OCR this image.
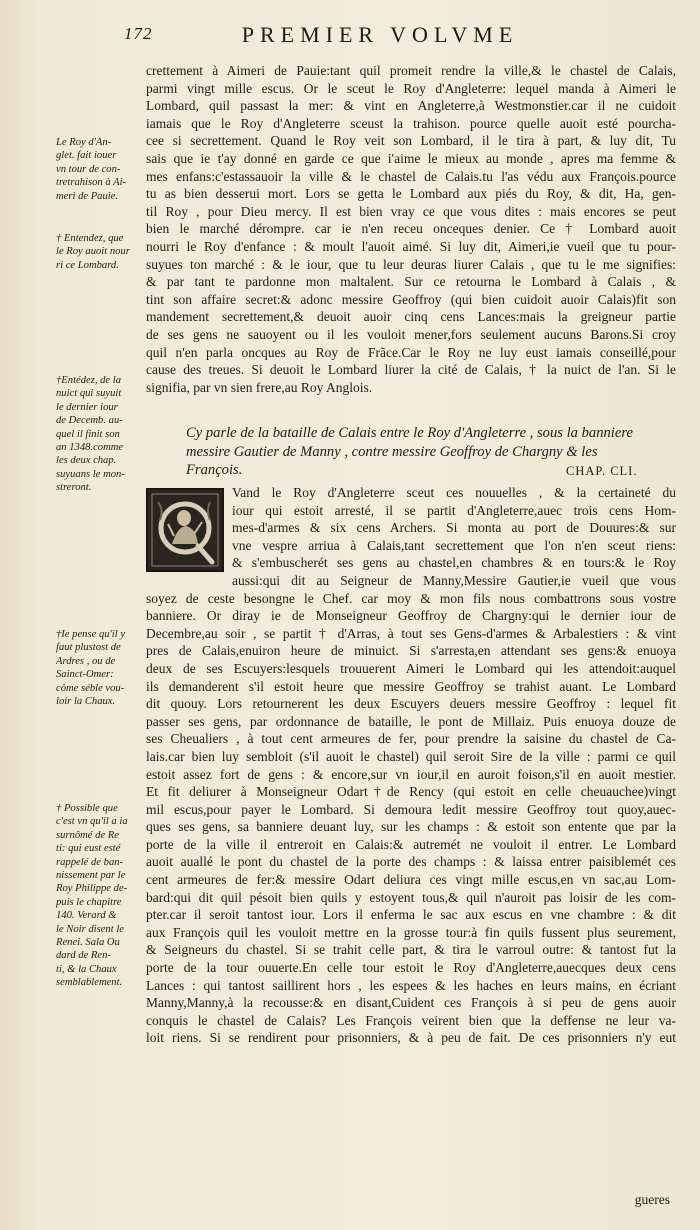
172	PREMIER VOLVME
crettement à Aimeri de Pauie:tant quil promeit rendre la ville,& le chastel de Calais,
parmi vingt mille escus. Or le sceut le Roy d'Angleterre: lequel manda à Aimeri le
Lombard, quil passast la mer: & vint en Angleterre,à Westmonstier.car il ne cuidoit
iamais que le Roy d'Angleterre sceust la trahison. pource quelle auoit esté pourcha-
cee si secrettement. Quand le Roy veit son Lombard, il le tira à part, & luy dit, Tu
sais que ie t'ay donné en garde ce que i'aime le mieux au monde , apres ma femme &
mes enfans:c'estassauoir la ville & le chastel de Calais.tu l'as védu aux François.pource
tu as bien desserui mort. Lors se getta le Lombard aux piés du Roy, & dit, Ha, gen-
til Roy , pour Dieu mercy. Il est bien vray ce que vous dites : mais encores se peut
bien le marché dérompre. car ie n'en receu onceques denier. Ce † Lombard auoit
nourri le Roy d'enfance : & moult l'auoit aimé. Si luy dit, Aimeri,ie vueil que tu pour-
suyues ton marché : & le iour, que tu leur deuras liurer Calais , que tu le me signifies:
& par tant te pardonne mon maltalent. Sur ce retourna le Lombard à Calais , &
tint son affaire secret:& adonc messire Geoffroy (qui bien cuidoit auoir Calais)fit son
mandement secrettement,& deuoit auoir cinq cens Lances:mais la greigneur partie
de ses gens ne sauoyent ou il les vouloit mener,fors seulement aucuns Barons.Si croy
quil n'en parla oncques au Roy de Frãce.Car le Roy ne luy eust iamais conseillé,pour
cause des treues. Si deuoit le Lombard liurer la cité de Calais, † la nuict de l'an. Si le
signifia, par vn sien frere,au Roy Anglois.
Le Roy d'An-
glet. fait iouer
vn tour de con-
tretrahison à Ai-
meri de Pauie.
† Entendez, que
le Roy auoit nour
ri ce Lombard.
†Entédez, de la
nuict qui suyuit
le dernier iour
de Decemb. au-
quel il finit son
an 1348.comme
les deux chap.
suyuans le mon-
streront.
†Ie pense qu'il y
faut plustost de
Ardres , ou de
Sainct-Omer:
côme séble vou-
loir la Chaux.
† Possible que
c'est vn qu'il a ia
surnômé de Re
ti: qui eust esté
rappelé de ban-
nissement par le
Roy Philippe de-
puis le chapitre
140. Verard &
le Noir disent le
Renei. Sala Ou
dard de Ren-
ti, & la Chaux
semblablement.
Cy parle de la bataille de Calais entre le Roy d'Angleterre , sous la banniere
messire Gautier de Manny , contre messire Geoffroy de Chargny & les
François.	CHAP. CLI.
Vand le Roy d'Angleterre sceut ces nouuelles , & la certaineté du
iour qui estoit arresté, il se partit d'Angleterre,auec trois cens Hom-
mes-d'armes & six cens Archers. Si monta au port de Douures:& sur
vne vespre arriua à Calais,tant secrettement que l'on n'en sceut riens:
& s'embuscherét ses gens au chastel,en chambres & en tours:& le Roy
aussi:qui dit au Seigneur de Manny,Messire Gautier,ie vueil que vous
soyez de ceste besongne le Chef. car moy & mon fils nous combattrons sous vostre
banniere. Or diray ie de Monseigneur Geoffroy de Chargny:qui le dernier iour de
Decembre,au soir , se partit † d'Arras, à tout ses Gens-d'armes & Arbalestiers : & vint
pres de Calais,enuiron heure de minuict. Si s'arresta,en attendant ses gens:& enuoya
deux de ses Escuyers:lesquels trouuerent Aimeri le Lombard qui les attendoit:auquel
ils demanderent s'il estoit heure que messire Geoffroy se trahist auant. Le Lombard
dit quouy. Lors retournerent les deux Escuyers deuers messire Geoffroy : lequel fit
passer ses gens, par ordonnance de bataille, le pont de Millaiz. Puis enuoya douze de
ses Cheualiers , à tout cent armeures de fer, pour prendre la saisine du chastel de Ca-
lais.car bien luy sembloit (s'il auoit le chastel) quil seroit Sire de la ville : parmi ce quil
estoit assez fort de gens : & encore,sur vn iour,il en auroit foison,s'il en auoit mestier.
Et fit deliurer à Monseigneur Odart†de Rency (qui estoit en celle cheuauchee)vingt
mil escus,pour payer le Lombard. Si demoura ledit messire Geoffroy tout quoy,auec-
ques ses gens, sa banniere deuant luy, sur les champs : & estoit son entente que par la
porte de la ville il entreroit en Calais:& autremét ne vouloit il entrer. Le Lombard
auoit auallé le pont du chastel de la porte des champs : & laissa entrer paisiblemét ces
cent armeures de fer:& messire Odart deliura ces vingt mille escus,en vn sac,au Lom-
bard:qui dit quil pésoit bien quils y estoyent tous,& quil n'auroit pas loisir de les com-
pter.car il seroit tantost iour. Lors il enferma le sac aux escus en vne chambre : & dit
aux François quil les vouloit mettre en la grosse tour:à fin quils fussent plus seurement,
& Seigneurs du chastel. Si se trahit celle part, & tira le varroul outre: & tantost fut la
porte de la tour ouuerte.En celle tour estoit le Roy d'Angleterre,auecques deux cens
Lances : qui tantost saillirent hors , les espees & les haches en leurs mains, en écriant
Manny,Manny,à la recousse:& en disant,Cuident ces François à si peu de gens auoir
conquis le chastel de Calais? Les François veirent bien que la deffense ne leur va-
loit riens. Si se rendirent pour prisonniers, & à peu de fait. De ces prisonniers n'y eut
gueres
